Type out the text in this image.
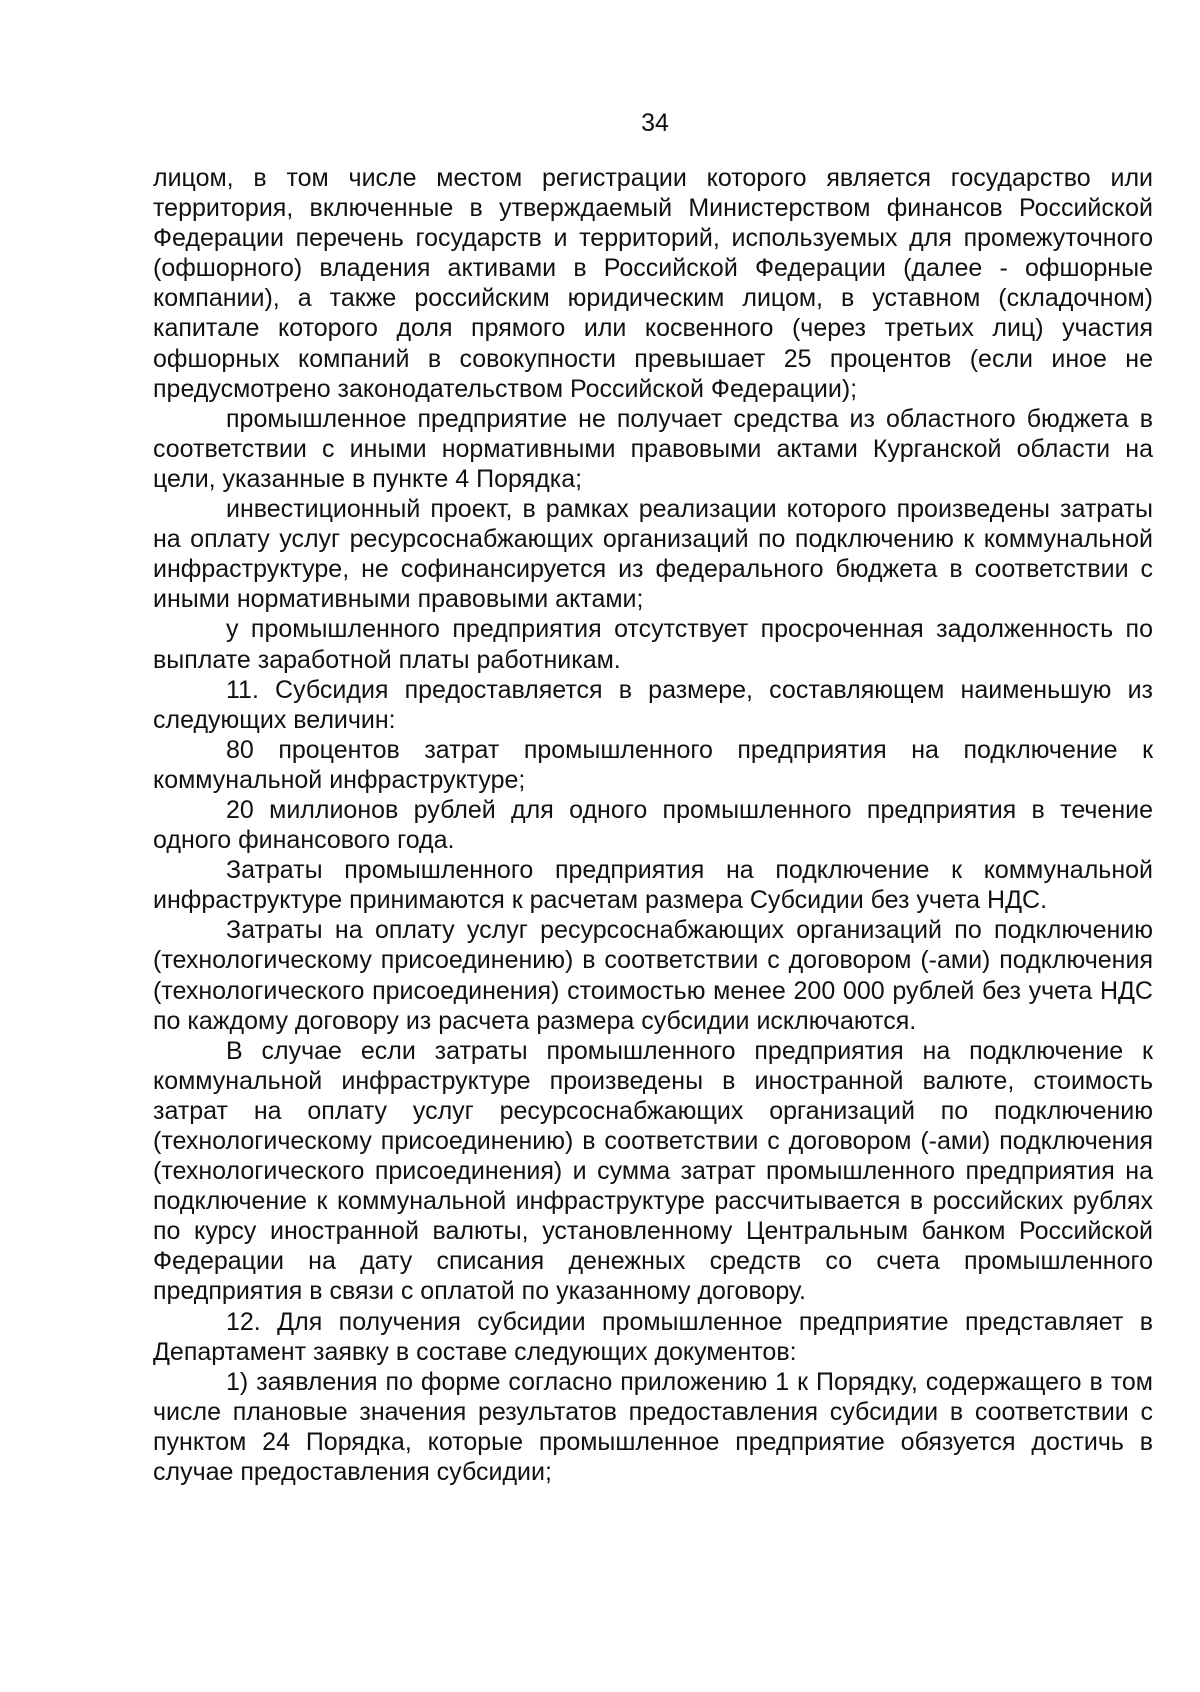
34

лицом, в том числе местом регистрации которого является государство или территория, включенные в утверждаемый Министерством финансов Российской Федерации перечень государств и территорий, используемых для промежуточного (офшорного) владения активами в Российской Федерации (далее - офшорные компании), а также российским юридическим лицом, в уставном (складочном) капитале которого доля прямого или косвенного (через третьих лиц) участия офшорных компаний в совокупности превышает 25 процентов (если иное не предусмотрено законодательством Российской Федерации);

промышленное предприятие не получает средства из областного бюджета в соответствии с иными нормативными правовыми актами Курганской области на цели, указанные в пункте 4 Порядка;

инвестиционный проект, в рамках реализации которого произведены затраты на оплату услуг ресурсоснабжающих организаций по подключению к коммунальной инфраструктуре, не софинансируется из федерального бюджета в соответствии с иными нормативными правовыми актами;

у промышленного предприятия отсутствует просроченная задолженность по выплате заработной платы работникам.

11. Субсидия предоставляется в размере, составляющем наименьшую из следующих величин:

80 процентов затрат промышленного предприятия на подключение к коммунальной инфраструктуре;

20 миллионов рублей для одного промышленного предприятия в течение одного финансового года.

Затраты промышленного предприятия на подключение к коммунальной инфраструктуре принимаются к расчетам размера Субсидии без учета НДС.

Затраты на оплату услуг ресурсоснабжающих организаций по подключению (технологическому присоединению) в соответствии с договором (-ами) подключения (технологического присоединения) стоимостью менее 200 000 рублей без учета НДС по каждому договору из расчета размера субсидии исключаются.

В случае если затраты промышленного предприятия на подключение к коммунальной инфраструктуре произведены в иностранной валюте, стоимость затрат на оплату услуг ресурсоснабжающих организаций по подключению (технологическому присоединению) в соответствии с договором (-ами) подключения (технологического присоединения) и сумма затрат промышленного предприятия на подключение к коммунальной инфраструктуре рассчитывается в российских рублях по курсу иностранной валюты, установленному Центральным банком Российской Федерации на дату списания денежных средств со счета промышленного предприятия в связи с оплатой по указанному договору.

12. Для получения субсидии промышленное предприятие представляет в Департамент заявку в составе следующих документов:

1) заявления по форме согласно приложению 1 к Порядку, содержащего в том числе плановые значения результатов предоставления субсидии в соответствии с пунктом 24 Порядка, которые промышленное предприятие обязуется достичь в случае предоставления субсидии;
